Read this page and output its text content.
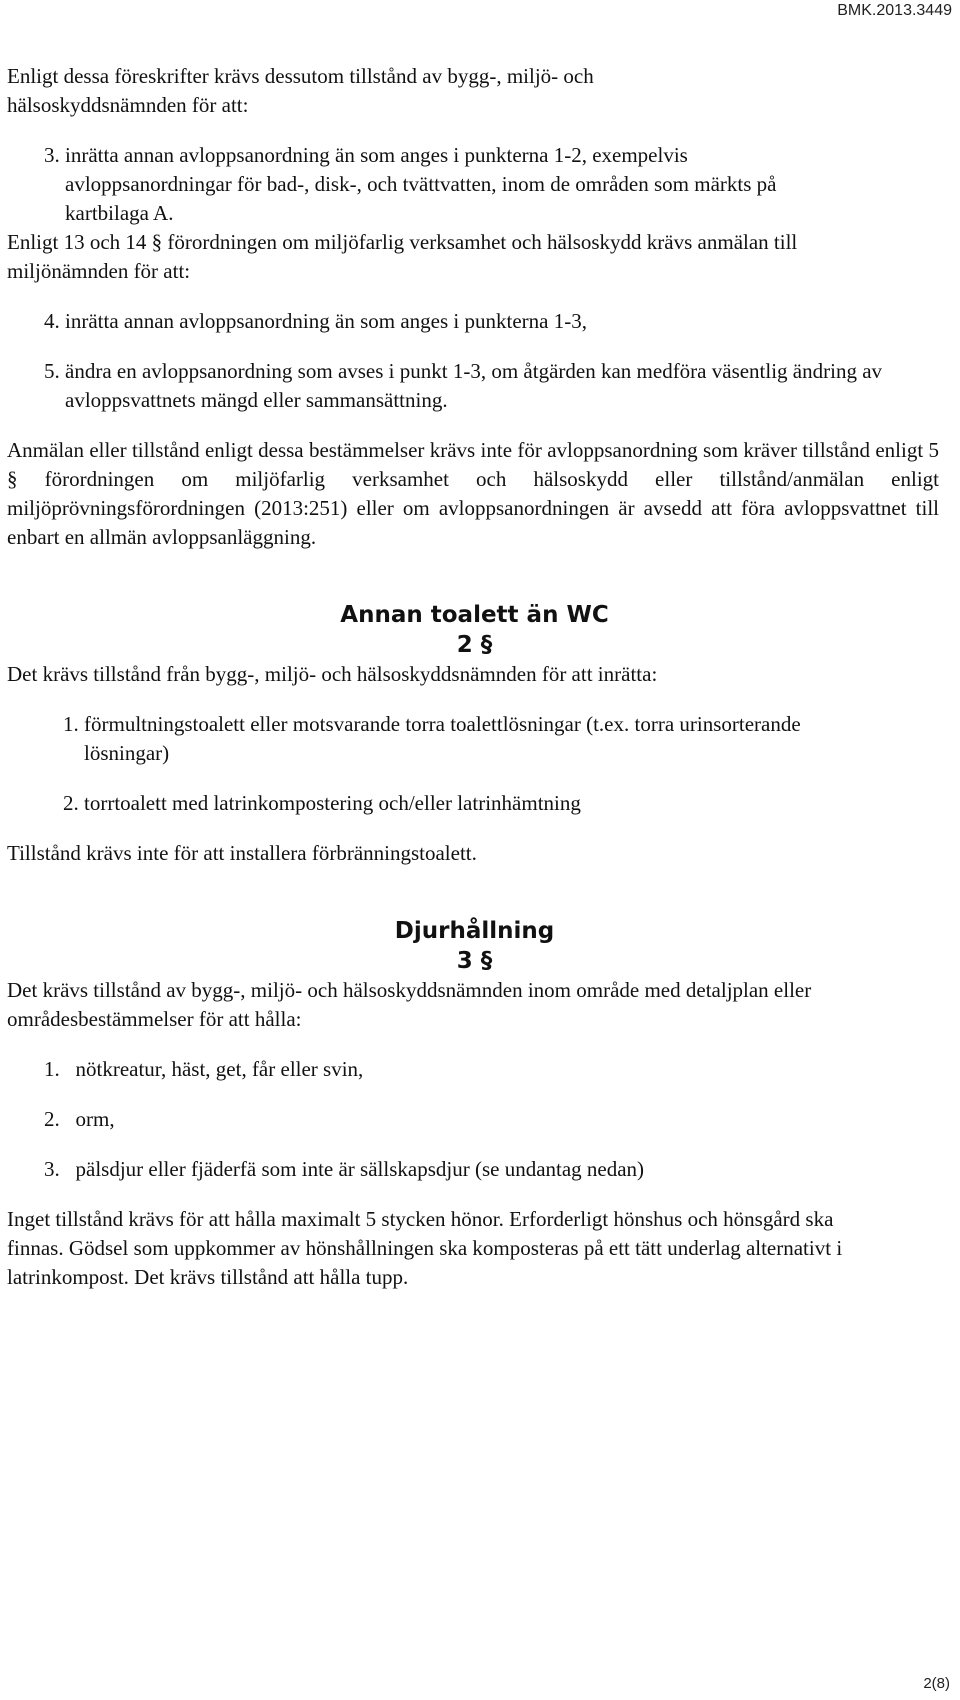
BMK.2013.3449

Enligt dessa föreskrifter krävs dessutom tillstånd av bygg-, miljö- och hälsoskyddsnämnden för att:

3.
inrätta annan avloppsanordning än som anges i punkterna 1-2, exempelvis avloppsanordningar för bad-, disk-, och tvättvatten, inom de områden som märkts på kartbilaga A.

Enligt 13 och 14 § förordningen om miljöfarlig verksamhet och hälsoskydd krävs anmälan till miljönämnden för att:

4.
inrätta annan avloppsanordning än som anges i punkterna 1-3,
5.
ändra en avloppsanordning som avses i punkt 1-3, om åtgärden kan medföra väsentlig ändring av avloppsvattnets mängd eller sammansättning.

Anmälan eller tillstånd enligt dessa bestämmelser krävs inte för avloppsanordning som kräver tillstånd enligt 5 § förordningen om miljöfarlig verksamhet och hälsoskydd eller tillstånd/anmälan enligt miljöprövningsförordningen (2013:251) eller om avloppsanordningen är avsedd att föra avloppsvattnet till enbart en allmän avloppsanläggning.

Annan toalett än WC
2 §

Det krävs tillstånd från bygg-, miljö- och hälsoskyddsnämnden för att inrätta:

1.
förmultningstoalett eller motsvarande torra toalettlösningar (t.ex. torra urinsorterande lösningar)
2.
torrtoalett med latrinkompostering och/eller latrinhämtning

Tillstånd krävs inte för att installera förbränningstoalett.

Djurhållning
3 §

Det krävs tillstånd av bygg-, miljö- och hälsoskyddsnämnden inom område med detaljplan eller områdesbestämmelser för att hålla:

1.
nötkreatur, häst, get, får eller svin,
2.
orm,
3.
pälsdjur eller fjäderfä som inte är sällskapsdjur (se undantag nedan)

Inget tillstånd krävs för att hålla maximalt 5 stycken hönor. Erforderligt hönshus och hönsgård ska finnas. Gödsel som uppkommer av hönshållningen ska komposteras på ett tätt underlag alternativt i latrinkompost. Det krävs tillstånd att hålla tupp.

2(8)
